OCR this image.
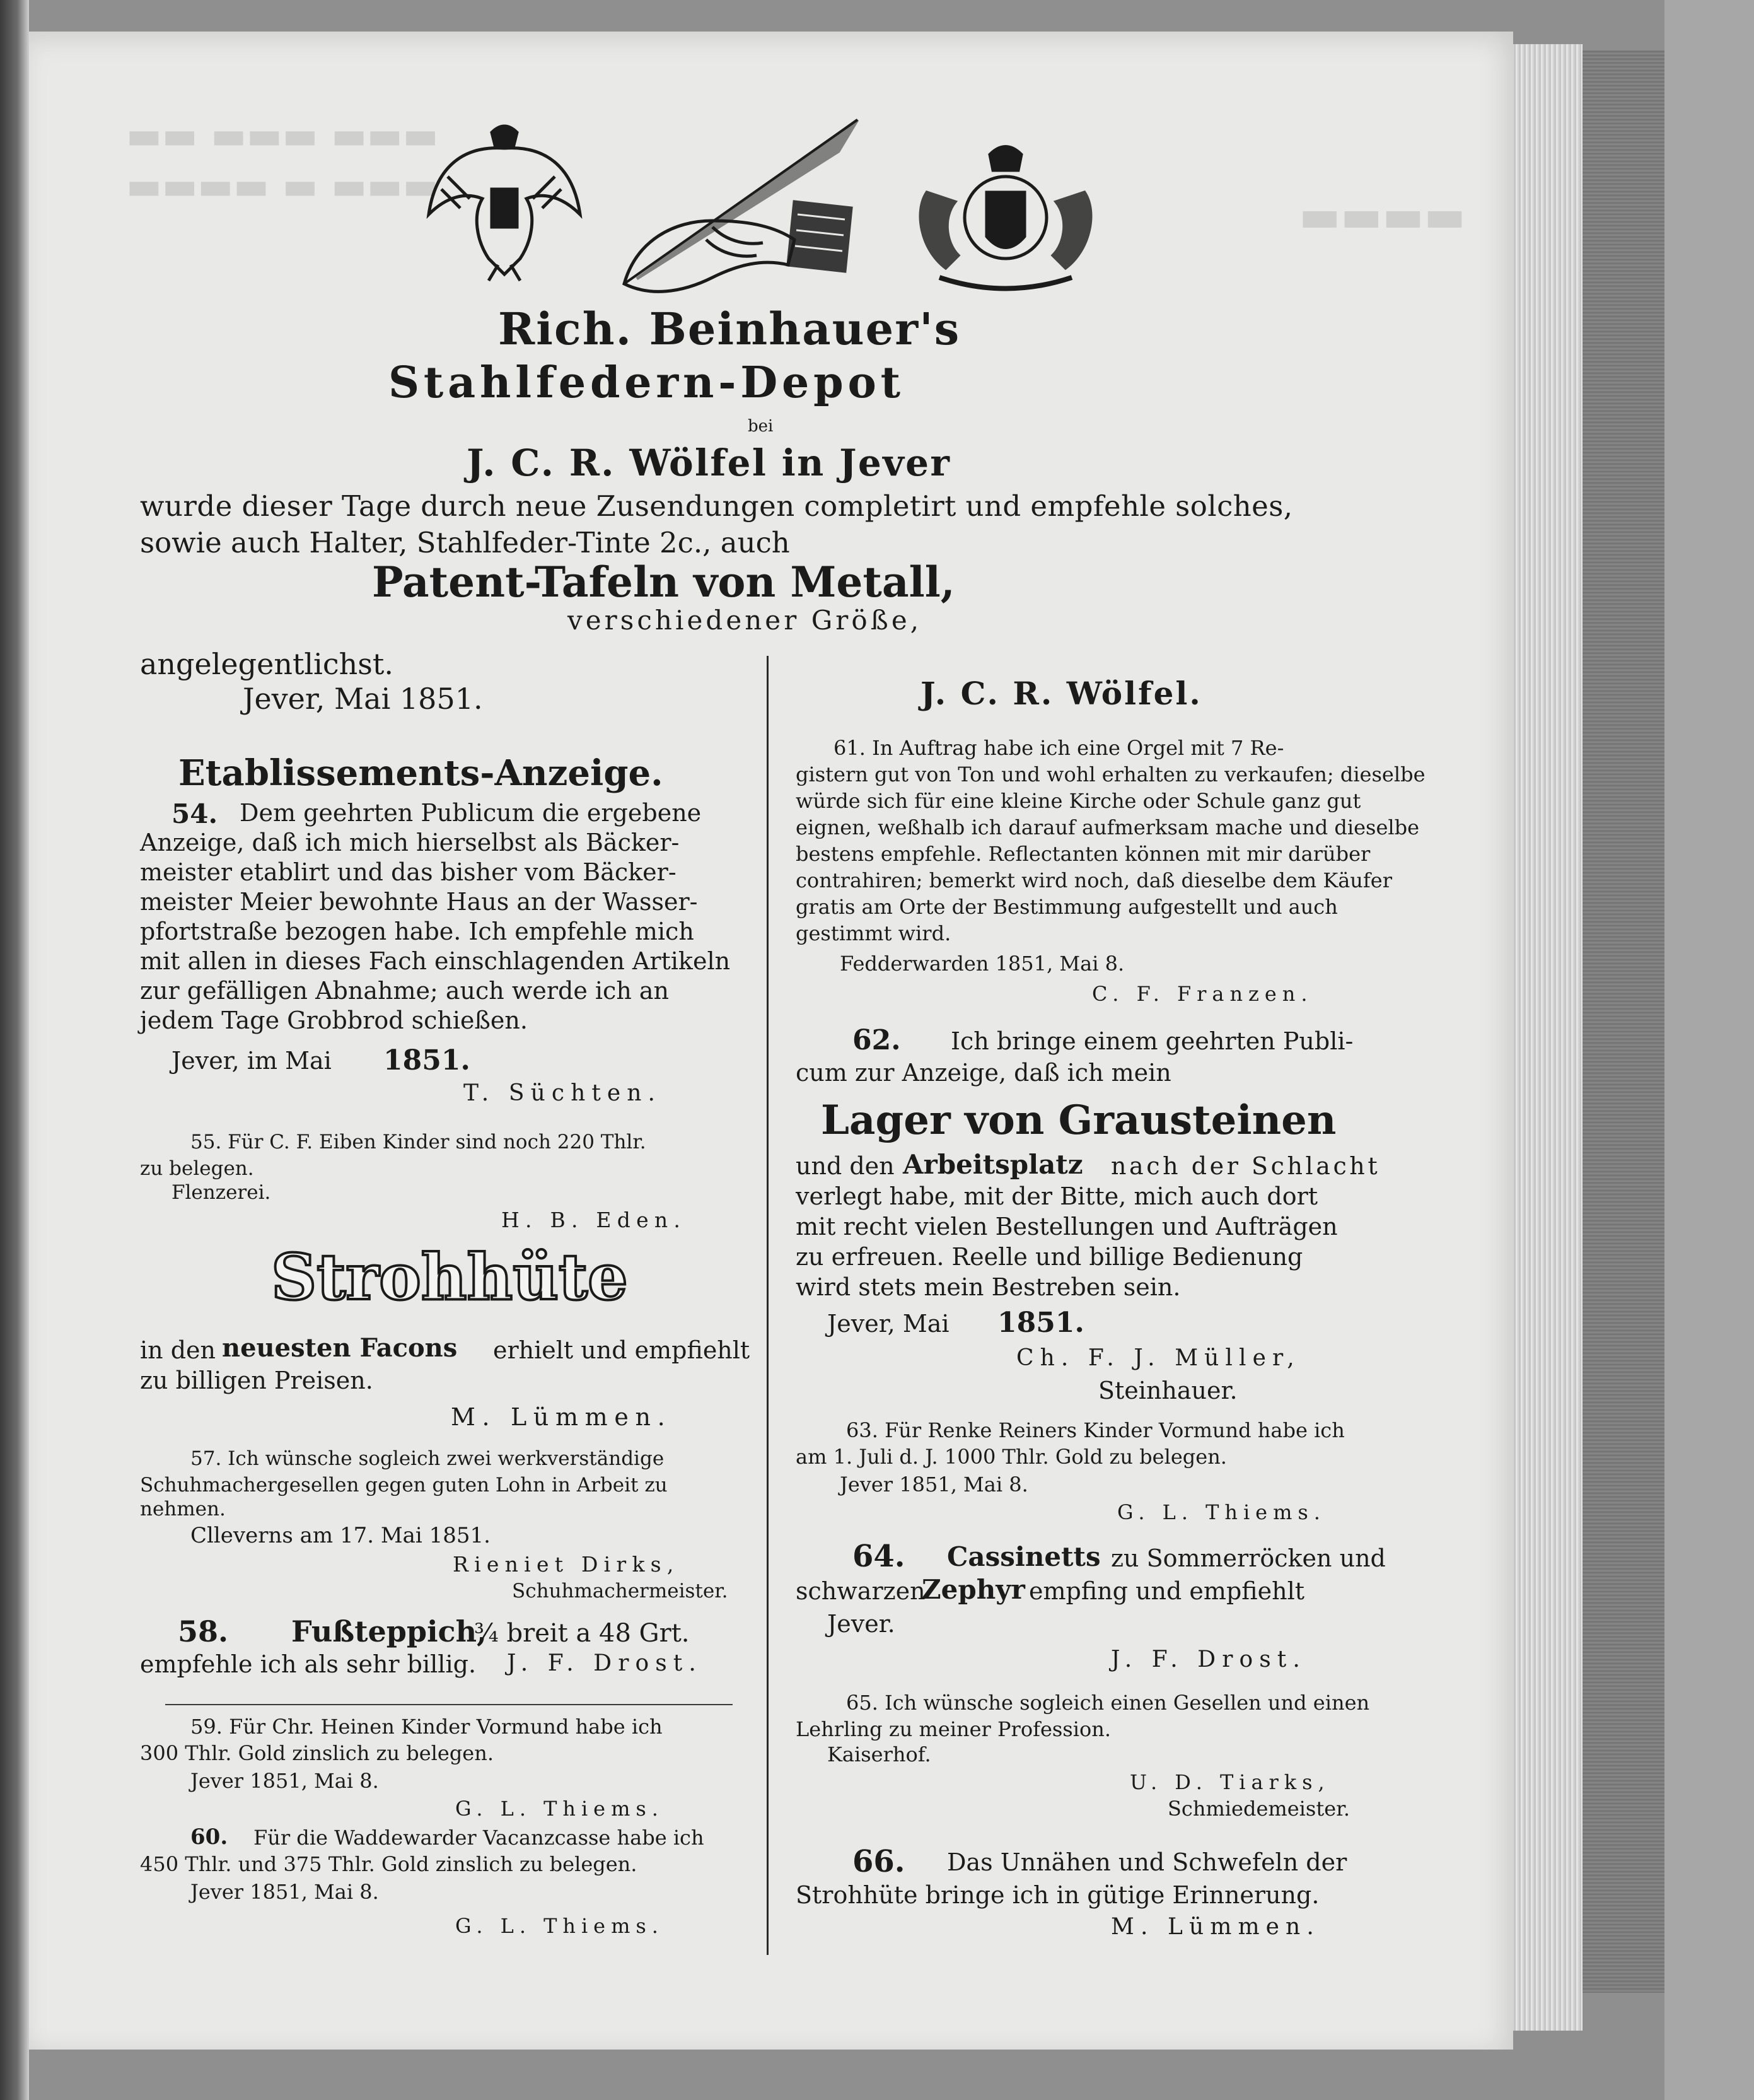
▬▬ ▬▬▬ ▬▬▬
▬▬▬▬ ▬ ▬▬▬
▬▬▬▬
Rich. Beinhauer's
Stahlfedern-Depot
bei
J. C. R. Wölfel in Jever
wurde dieser Tage durch neue Zusendungen completirt und empfehle solches,
sowie auch Halter, Stahlfeder-Tinte 2c., auch
Patent-Tafeln von Metall,
verschiedener Größe,
angelegentlichst.
Jever, Mai 1851.	J. C. R. Wölfel.
Etablissements-Anzeige.
54. Dem geehrten Publicum die ergebene
Anzeige, daß ich mich hierselbst als Bäcker-
meister etablirt und das bisher vom Bäcker-
meister Meier bewohnte Haus an der Wasser-
pfortstraße bezogen habe. Ich empfehle mich
mit allen in dieses Fach einschlagenden Artikeln
zur gefälligen Abnahme; auch werde ich an
jedem Tage Grobbrod schießen.
Jever, im Mai 1851.
T. Süchten.
55. Für C. F. Eiben Kinder sind noch 220 Thlr.
zu belegen.
Flenzerei.
H. B. Eden.
Strohhüte
in den neuesten Facons erhielt und empfiehlt
zu billigen Preisen.
M. Lümmen.
57. Ich wünsche sogleich zwei werkverständige
Schuhmachergesellen gegen guten Lohn in Arbeit zu
nehmen.
Clleverns am 17. Mai 1851.
Rieniet Dirks,
Schuhmachermeister.
58. Fußteppich,
¾ breit a 48 Grt.
empfehle ich als sehr billig. J. F. Drost.
59. Für Chr. Heinen Kinder Vormund habe ich
300 Thlr. Gold zinslich zu belegen.
Jever 1851, Mai 8.
G. L. Thiems.
60. Für die Waddewarder Vacanzcasse habe ich
450 Thlr. und 375 Thlr. Gold zinslich zu belegen.
Jever 1851, Mai 8.
G. L. Thiems.
61. In Auftrag habe ich eine Orgel mit 7 Re-
gistern gut von Ton und wohl erhalten zu verkaufen; dieselbe
würde sich für eine kleine Kirche oder Schule ganz gut
eignen, weßhalb ich darauf aufmerksam mache und dieselbe
bestens empfehle. Reflectanten können mit mir darüber
contrahiren; bemerkt wird noch, daß dieselbe dem Käufer
gratis am Orte der Bestimmung aufgestellt und auch
gestimmt wird.
Fedderwarden 1851, Mai 8.
C. F. Franzen.
62. Ich bringe einem geehrten Publi-
cum zur Anzeige, daß ich mein
Lager von Grausteinen
und den Arbeitsplatz nach der Schlacht
verlegt habe, mit der Bitte, mich auch dort
mit recht vielen Bestellungen und Aufträgen
zu erfreuen. Reelle und billige Bedienung
wird stets mein Bestreben sein.
Jever, Mai 1851.
Ch. F. J. Müller,
Steinhauer.
63. Für Renke Reiners Kinder Vormund habe ich
am 1. Juli d. J. 1000 Thlr. Gold zu belegen.
Jever 1851, Mai 8.
G. L. Thiems.
64. Cassinetts zu Sommerröcken und
schwarzen
Zephyr empfing und empfiehlt
Jever.
J. F. Drost.
65. Ich wünsche sogleich einen Gesellen und einen
Lehrling zu meiner Profession.
Kaiserhof.
U. D. Tiarks,
Schmiedemeister.
66. Das Unnähen und Schwefeln der
Strohhüte bringe ich in gütige Erinnerung.
M. Lümmen.
